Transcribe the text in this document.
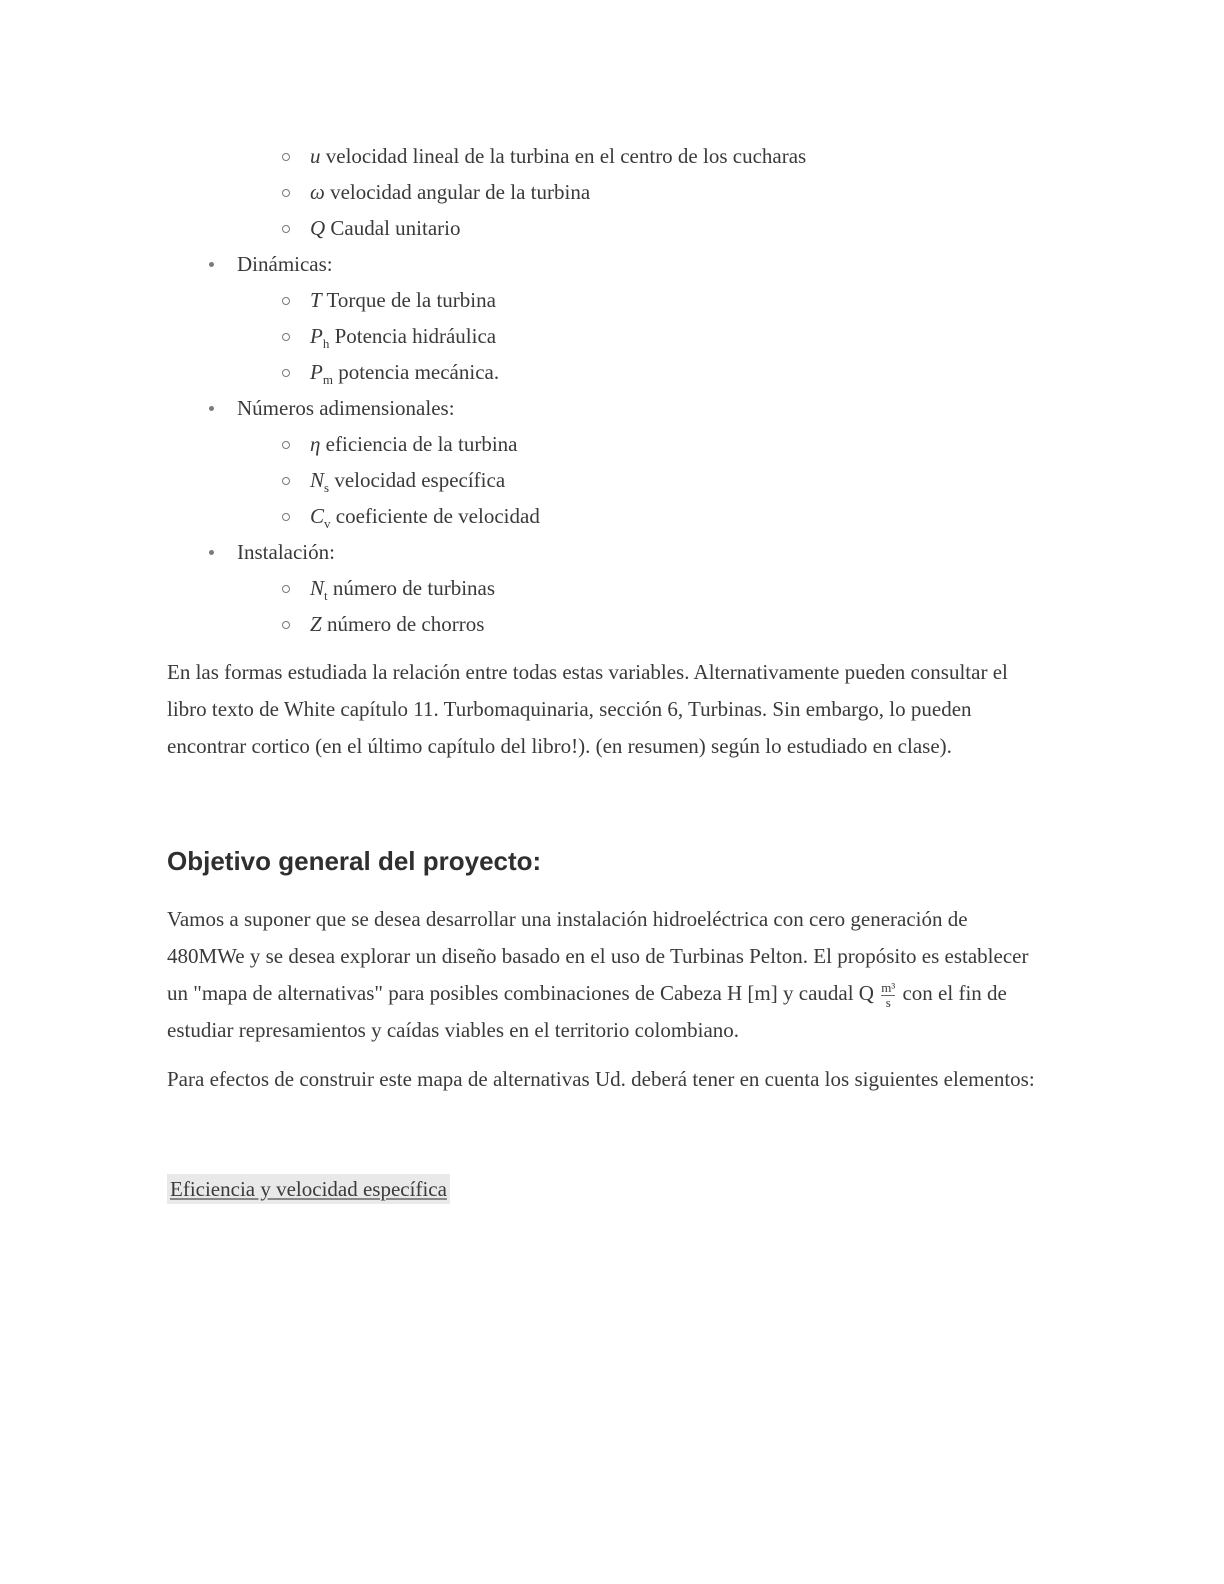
u velocidad lineal de la turbina en el centro de los cucharas
ω velocidad angular de la turbina
Q Caudal unitario
Dinámicas:
T Torque de la turbina
$P_h$ Potencia hidráulica
$P_m$ potencia mecánica.
Números adimensionales:
η eficiencia de la turbina
$N_s$ velocidad específica
$C_v$ coeficiente de velocidad
Instalación:
$N_t$ número de turbinas
Z número de chorros

En las formas estudiada la relación entre todas estas variables. Alternativamente pueden consultar el libro texto de White capítulo 11. Turbomaquinaria, sección 6, Turbinas. Sin embargo, lo pueden encontrar cortico (en el último capítulo del libro!). (en resumen) según lo estudiado en clase).

Objetivo general del proyecto:

Vamos a suponer que se desea desarrollar una instalación hidroeléctrica con cero generación de 480MWe y se desea explorar un diseño basado en el uso de Turbinas Pelton. El propósito es establecer un "mapa de alternativas" para posibles combinaciones de Cabeza H [m] y caudal Q $\frac{\text{m³}}{s}$ con el fin de
estudiar represamientos y caídas viables en el territorio colombiano.

Para efectos de construir este mapa de alternativas Ud. deberá tener en cuenta los siguientes elementos:

Eficiencia y velocidad específica
